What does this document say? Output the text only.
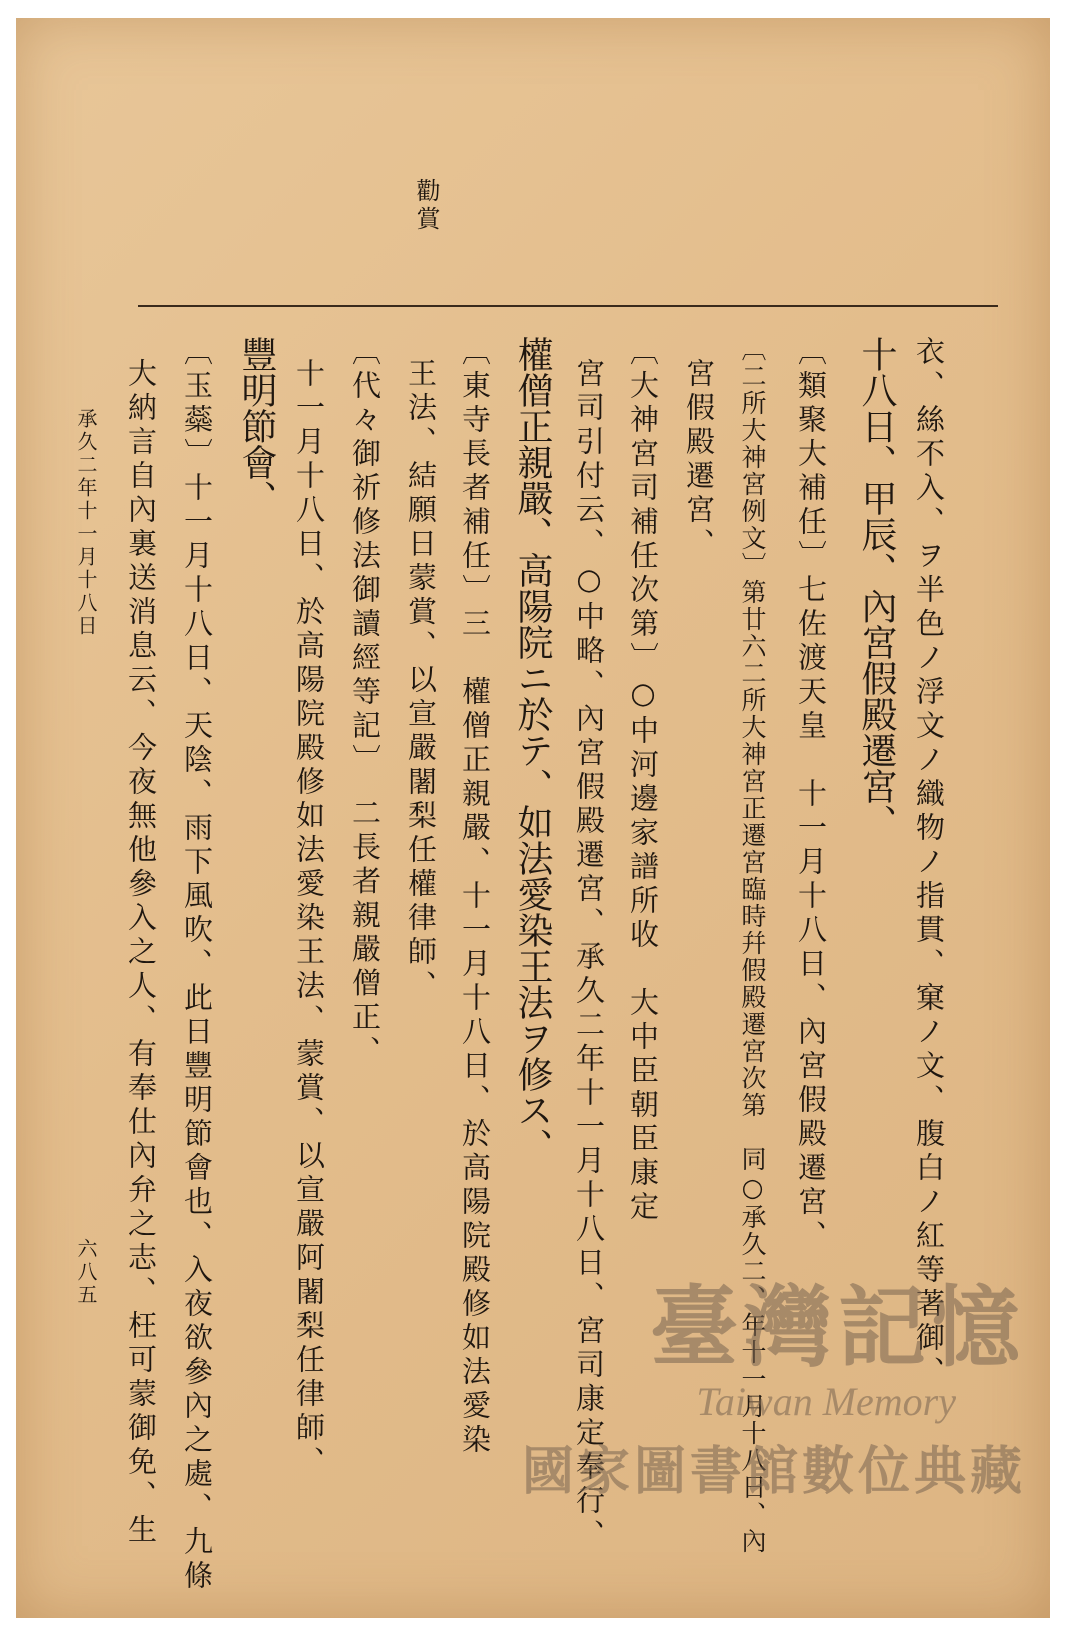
勸賞
衣、絲不入、ヲ半色ノ浮文ノ織物ノ指貫、窠ノ文、腹白ノ紅等著御、
十八日、甲辰、內宮假殿遷宮、
〔類聚大補任〕七佐渡天皇　十一月十八日、內宮假殿遷宮、
〔二所大神宮例文〕第廿六二所大神宮正遷宮臨時幷假殿遷宮次第　同○承久二、年十一月十八日、內
宮假殿遷宮、
〔大神宮司補任次第〕○中河邊家譜所收　大中臣朝臣康定
宮司引付云、○中略、內宮假殿遷宮、承久二年十一月十八日、宮司康定奉行、
權僧正親嚴、高陽院ニ於テ、如法愛染王法ヲ修ス、
〔東寺長者補任〕三　權僧正親嚴、十一月十八日、於高陽院殿修如法愛染
王法、結願日蒙賞、以宣嚴闍梨任權律師、
〔代々御祈修法御讀經等記〕　二長者親嚴僧正、
十一月十八日、於高陽院殿修如法愛染王法、蒙賞、以宣嚴阿闍梨任律師、
豐明節會、
〔玉蘂〕十一月十八日、天陰、雨下風吹、此日豐明節會也、入夜欲參內之處、九條
大納言自內裏送消息云、今夜無他參入之人、有奉仕內弁之志、枉可蒙御免、生
承久二年十一月十八日
六八五
臺灣記憶
Taiwan Memory
國家圖書館數位典藏
